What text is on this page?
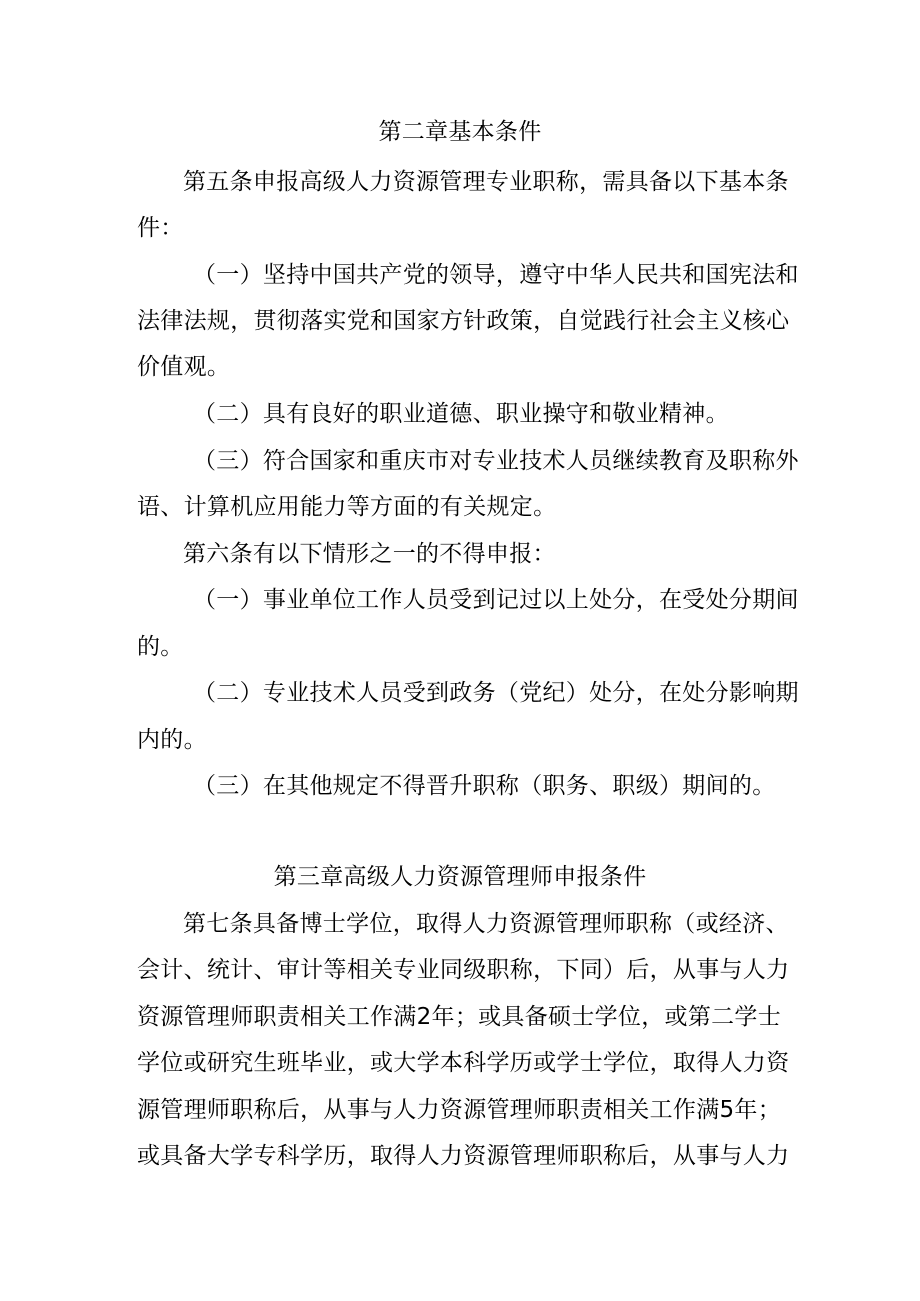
第二章基本条件
第五条申报高级人力资源管理专业职称，需具备以下基本条
件：
（一）坚持中国共产党的领导，遵守中华人民共和国宪法和
法律法规，贯彻落实党和国家方针政策，自觉践行社会主义核心
价值观。
（二）具有良好的职业道德、职业操守和敬业精神。
（三）符合国家和重庆市对专业技术人员继续教育及职称外
语、计算机应用能力等方面的有关规定。
第六条有以下情形之一的不得申报：
（一）事业单位工作人员受到记过以上处分，在受处分期间
的。
（二）专业技术人员受到政务（党纪）处分，在处分影响期
内的。
（三）在其他规定不得晋升职称（职务、职级）期间的。
第三章高级人力资源管理师申报条件
第七条具备博士学位，取得人力资源管理师职称（或经济、
会计、统计、审计等相关专业同级职称，下同）后，从事与人力
资源管理师职责相关工作满2年；或具备硕士学位，或第二学士
学位或研究生班毕业，或大学本科学历或学士学位，取得人力资
源管理师职称后，从事与人力资源管理师职责相关工作满5年；
或具备大学专科学历，取得人力资源管理师职称后，从事与人力
